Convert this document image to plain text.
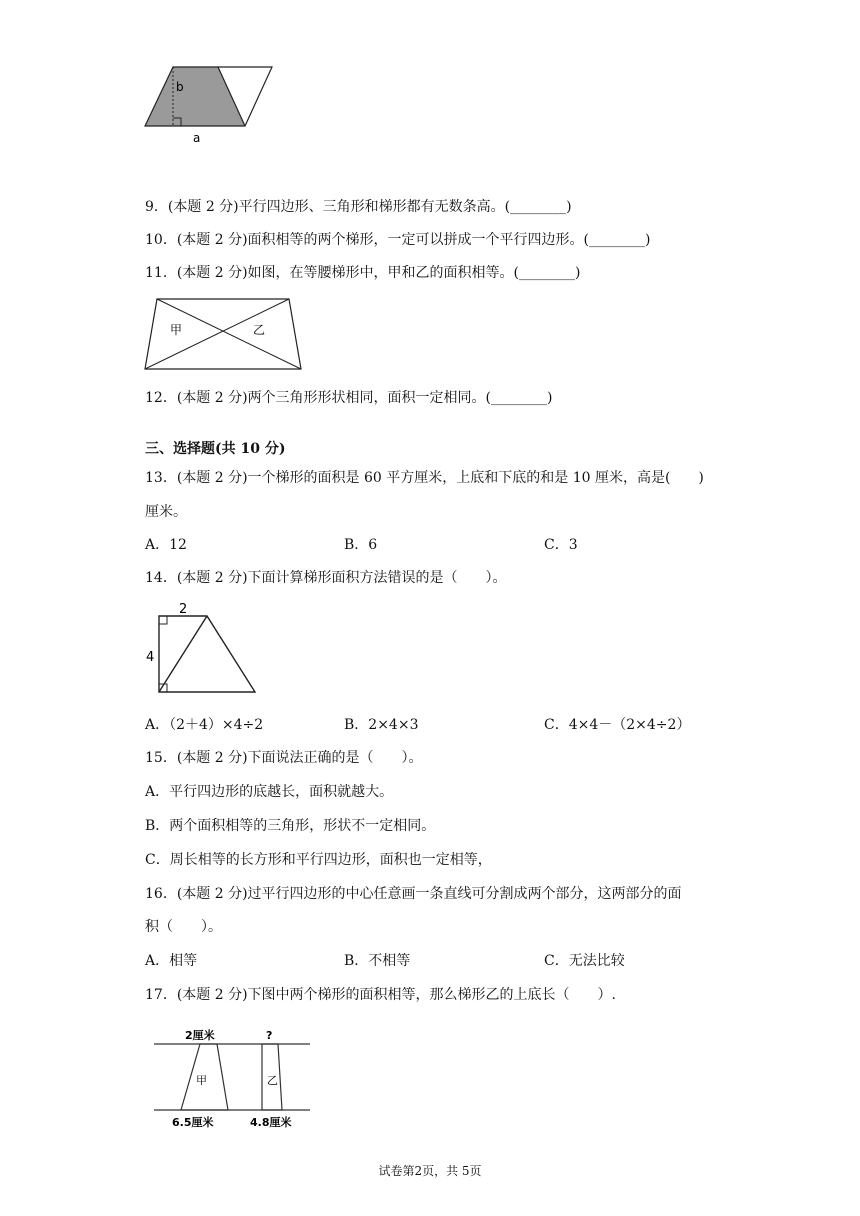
b
a
9．(本题 2 分)平行四边形、三角形和梯形都有无数条高。(________)
10．(本题 2 分)面积相等的两个梯形，一定可以拼成一个平行四边形。(________)
11．(本题 2 分)如图，在等腰梯形中，甲和乙的面积相等。(________)
甲	乙
12．(本题 2 分)两个三角形形状相同，面积一定相同。(________)
三、选择题(共 10 分)
13．(本题 2 分)一个梯形的面积是 60 平方厘米，上底和下底的和是 10 厘米，高是(　　)
厘米。
A．12	B．6	C．3
14．(本题 2 分)下面计算梯形面积方法错误的是（　　）。
2
4
A．（2＋4）×4÷2	B．2×4×3	C．4×4－（2×4÷2）
15．(本题 2 分)下面说法正确的是（　　）。
A．平行四边形的底越长，面积就越大。
B．两个面积相等的三角形，形状不一定相同。
C．周长相等的长方形和平行四边形，面积也一定相等，
16．(本题 2 分)过平行四边形的中心任意画一条直线可分割成两个部分，这两部分的面
积（　　）。
A．相等	B．不相等	C．无法比较
17．(本题 2 分)下图中两个梯形的面积相等，那么梯形乙的上底长（　　）.
2厘米	?
甲	乙
6.5厘米	4.8厘米
试卷第2页，共 5页
